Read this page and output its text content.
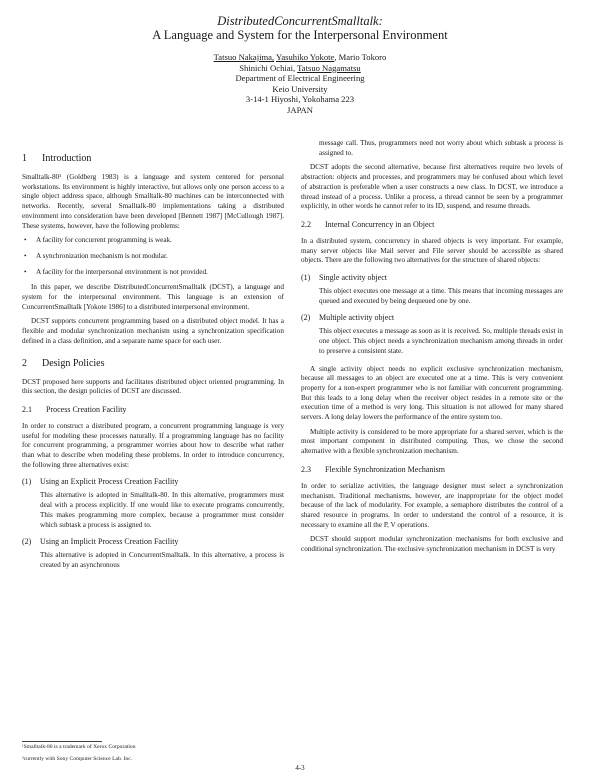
DistributedConcurrentSmalltalk:
A Language and System for the Interpersonal Environment
Tatsuo Nakajima, Yasuhiko Yokote, Mario Tokoro
Shinichi Ochiai, Tatsuo Nagamatsu
Department of Electrical Engineering
Keio University
3-14-1 Hiyoshi, Yokohama 223
JAPAN
1 Introduction

Smalltalk-80¹ (Goldberg 1983) is a language and system centered for personal workstations. Its environment is highly interactive, but allows only one person access to a single object address space, although Smalltalk-80 machines can be interconnected with networks. Recently, several Smalltalk-80 implementations taking a distributed environment into consideration have been developed [Bennett 1987] [McCullough 1987]. These systems, however, have the following problems:

• A facility for concurrent programming is weak.
• A synchronization mechanism is not modular.
• A facility for the interpersonal environment is not provided.

In this paper, we describe DistributedConcurrentSmalltalk (DCST), a language and system for the interpersonal environment. This language is an extension of ConcurrentSmalltalk [Yokote 1986] to a distributed interpersonal environment.

DCST supports concurrent programming based on a distributed object model. It has a flexible and modular synchronization mechanism using a synchronization specification defined in a class definition, and a separate name space for each user.

2 Design Policies

DCST proposed here supports and facilitates distributed object oriented programming. In this section, the design policies of DCST are discussed.

2.1 Process Creation Facility

In order to construct a distributed program, a concurrent programming language is very useful for modeling these processes naturally. If a programming language has no facility for concurrent programming, a programmer worries about how to describe what rather than what to describe when modeling these problems. In order to introduce concurrency, the following three alternatives exist:

(1) Using an Explicit Process Creation Facility
This alternative is adopted in Smalltalk-80. In this alternative, programmers must deal with a process explicitly. If one would like to execute programs concurrently, This makes programming more complex, because a programmer must consider which subtask a process is assigned to.
(2) Using an Implicit Process Creation Facility
This alternative is adopted in ConcurrentSmalltalk. In this alternative, a process is created by an asynchronous

message call. Thus, programmers need not worry about which subtask a process is assigned to.

DCST adopts the second alternative, because first alternatives require two levels of abstraction: objects and processes, and programmers may be confused about which level of abstraction is preferable when a user constructs a new class. In DCST, we introduce a thread instead of a process. Unlike a process, a thread cannot be seen by a programmer explicitly, in other words he cannot refer to its ID, suspend, and resume threads.

2.2 Internal Concurrency in an Object

In a distributed system, concurrency in shared objects is very important. For example, many server objects like Mail server and File server should be accessible as shared objects. There are the following two alternatives for the structure of shared objects:

(1) Single activity object
This object executes one message at a time. This means that incoming messages are queued and executed by being dequeued one by one.
(2) Multiple activity object
This object executes a message as soon as it is received. So, multiple threads exist in one object. This object needs a synchronization mechanism among threads in order to preserve a consistent state.

A single activity object needs no explicit exclusive synchronization mechanism, because all messages to an object are executed one at a time. This is very convenient property for a non-expert programmer who is not familiar with concurrent programming. But this leads to a long delay when the receiver object resides in a remote site or the execution time of a method is very long. This situation is not allowed for many shared servers. A long delay lowers the performance of the entire system too.

Multiple activity is considered to be more appropriate for a shared server, which is the most important component in distributed computing. Thus, we chose the second alternative with a flexible synchronization mechanism.

2.3 Flexible Synchronization Mechanism

In order to serialize activities, the language designer must select a synchronization mechanism. Traditional mechanisms, however, are inappropriate for the object model because of the lack of modularity. For example, a semaphore distributes the control of a shared resource in programs. In order to understand the control of a resource, it is necessary to examine all the P, V operations.

DCST should support modular synchronization mechanisms for both exclusive and conditional synchronization. The exclusive synchronization mechanism in DCST is very

¹Smalltalk-80 is a trademark of Xerox Corporation
²currently with Sony Computer Science Lab. Inc.
4-3
